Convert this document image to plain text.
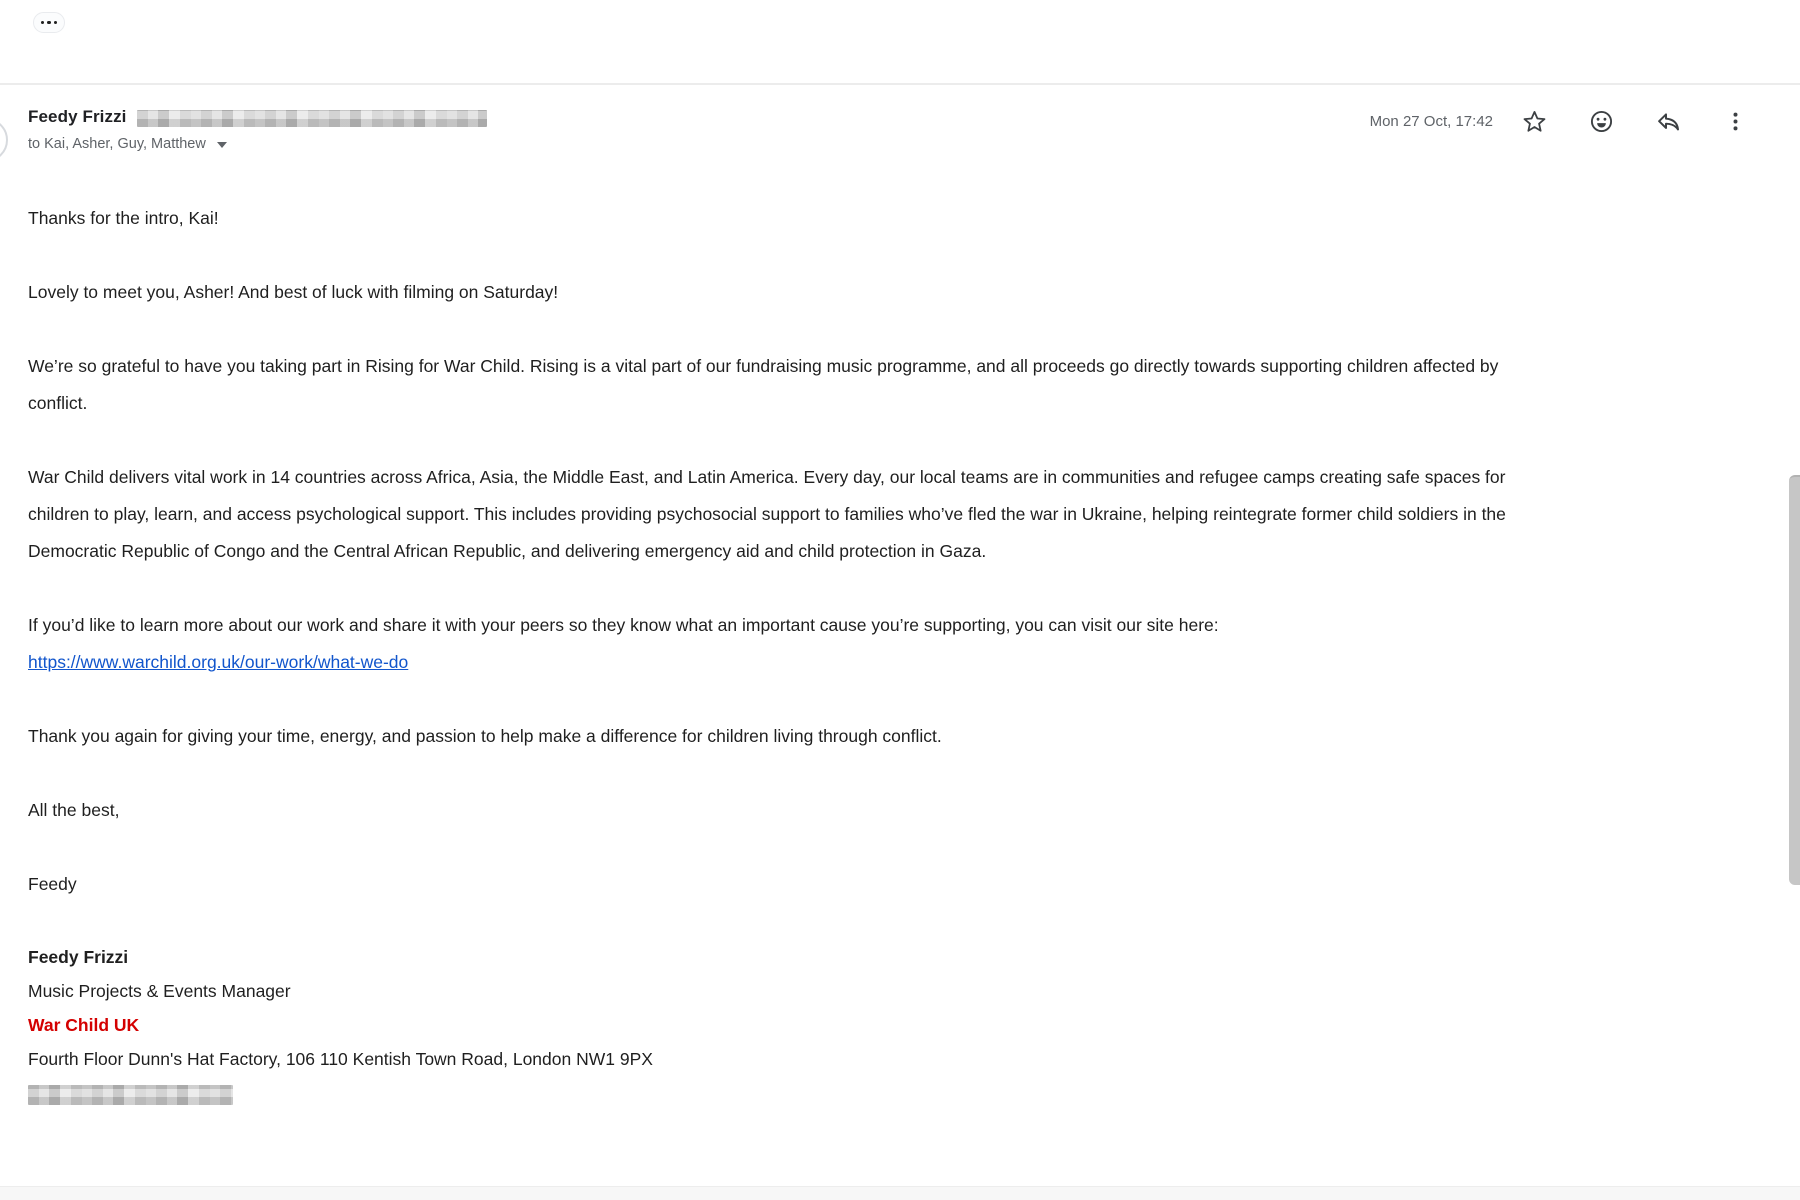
Feedy Frizzi
to Kai, Asher, Guy, Matthew
Mon 27 Oct, 17:42

Thanks for the intro, Kai!

Lovely to meet you, Asher! And best of luck with filming on Saturday!

We’re so grateful to have you taking part in Rising for War Child. Rising is a vital part of our fundraising music programme, and all proceeds go directly towards supporting children affected by conflict.

War Child delivers vital work in 14 countries across Africa, Asia, the Middle East, and Latin America. Every day, our local teams are in communities and refugee camps creating safe spaces for children to play, learn, and access psychological support. This includes providing psychosocial support to families who’ve fled the war in Ukraine, helping reintegrate former child soldiers in the Democratic Republic of Congo and the Central African Republic, and delivering emergency aid and child protection in Gaza.

If you’d like to learn more about our work and share it with your peers so they know what an important cause you’re supporting, you can visit our site here:
https://www.warchild.org.uk/our-work/what-we-do

Thank you again for giving your time, energy, and passion to help make a difference for children living through conflict.

All the best,

Feedy

Feedy Frizzi
Music Projects & Events Manager
War Child UK
Fourth Floor Dunn's Hat Factory, 106 110 Kentish Town Road, London NW1 9PX
